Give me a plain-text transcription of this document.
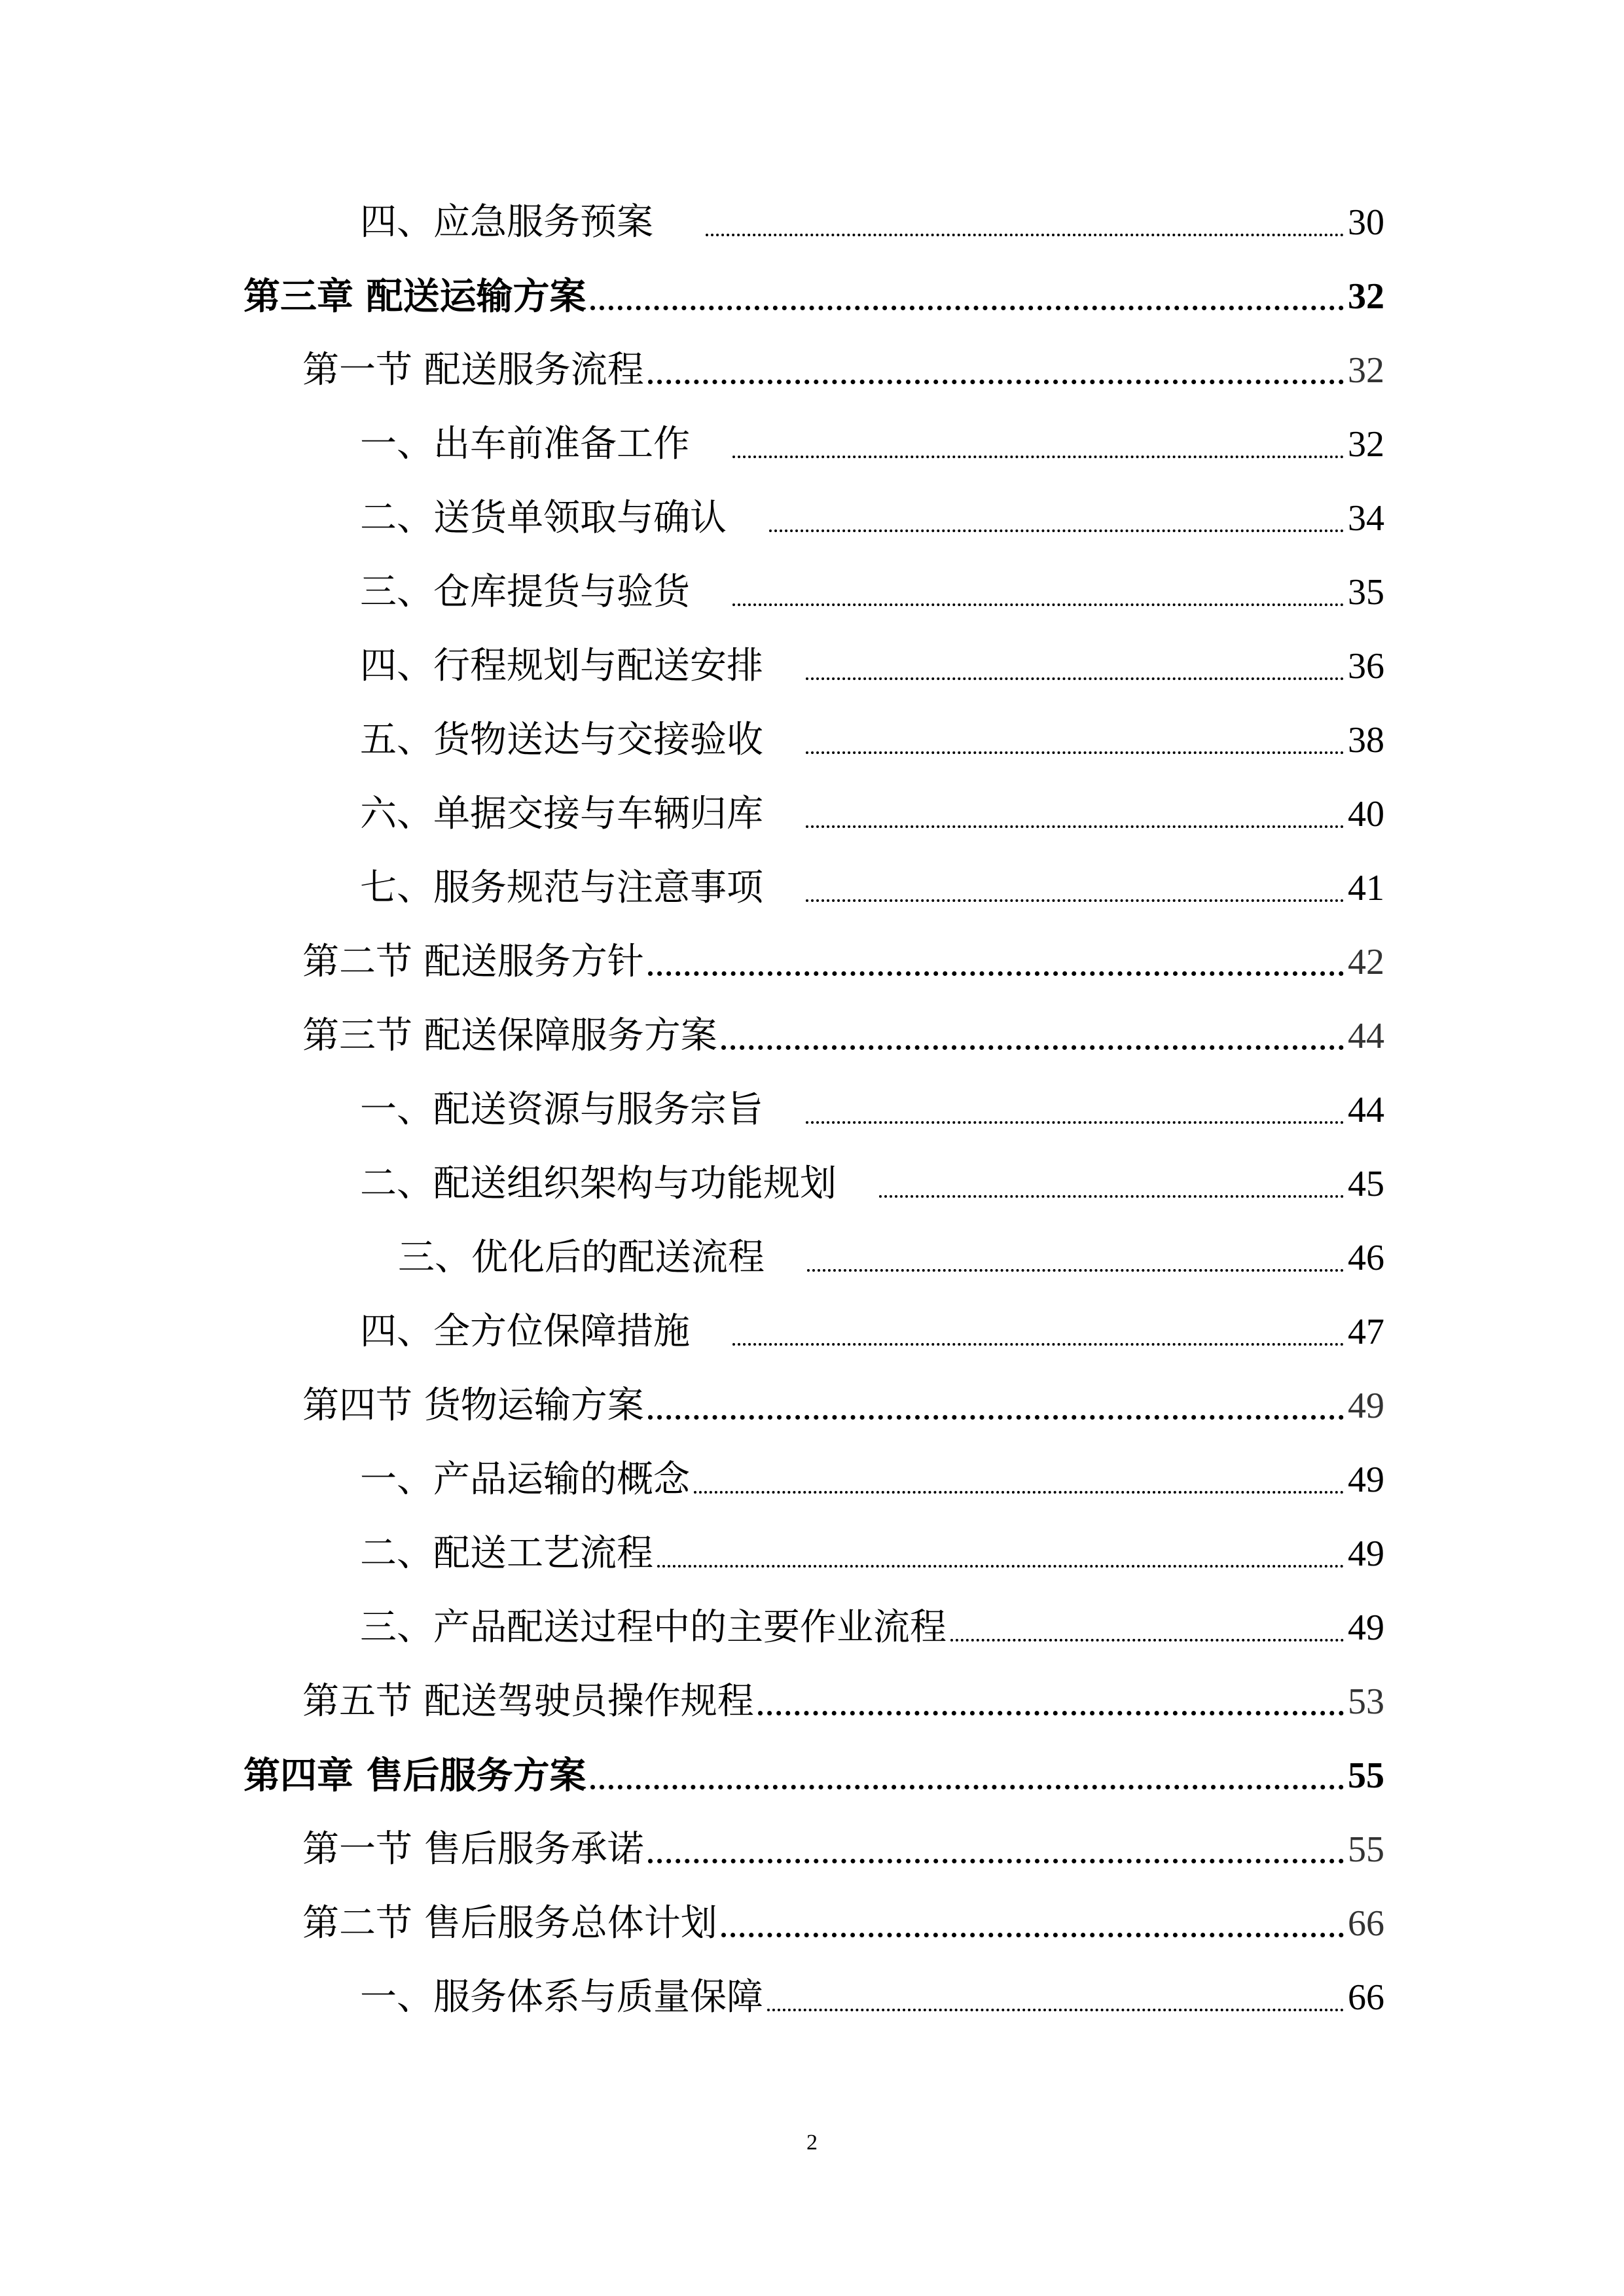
四、应急服务预案	30
第三章 配送运输方案	32
第一节 配送服务流程	32
一、出车前准备工作	32
二、送货单领取与确认	34
三、仓库提货与验货	35
四、行程规划与配送安排	36
五、货物送达与交接验收	38
六、单据交接与车辆归库	40
七、服务规范与注意事项	41
第二节 配送服务方针	42
第三节 配送保障服务方案	44
一、配送资源与服务宗旨	44
二、配送组织架构与功能规划	45
三、优化后的配送流程	46
四、全方位保障措施	47
第四节 货物运输方案	49
一、产品运输的概念	49
二、配送工艺流程	49
三、产品配送过程中的主要作业流程	49
第五节 配送驾驶员操作规程	53
第四章 售后服务方案	55
第一节 售后服务承诺	55
第二节 售后服务总体计划	66
一、服务体系与质量保障	66
2
